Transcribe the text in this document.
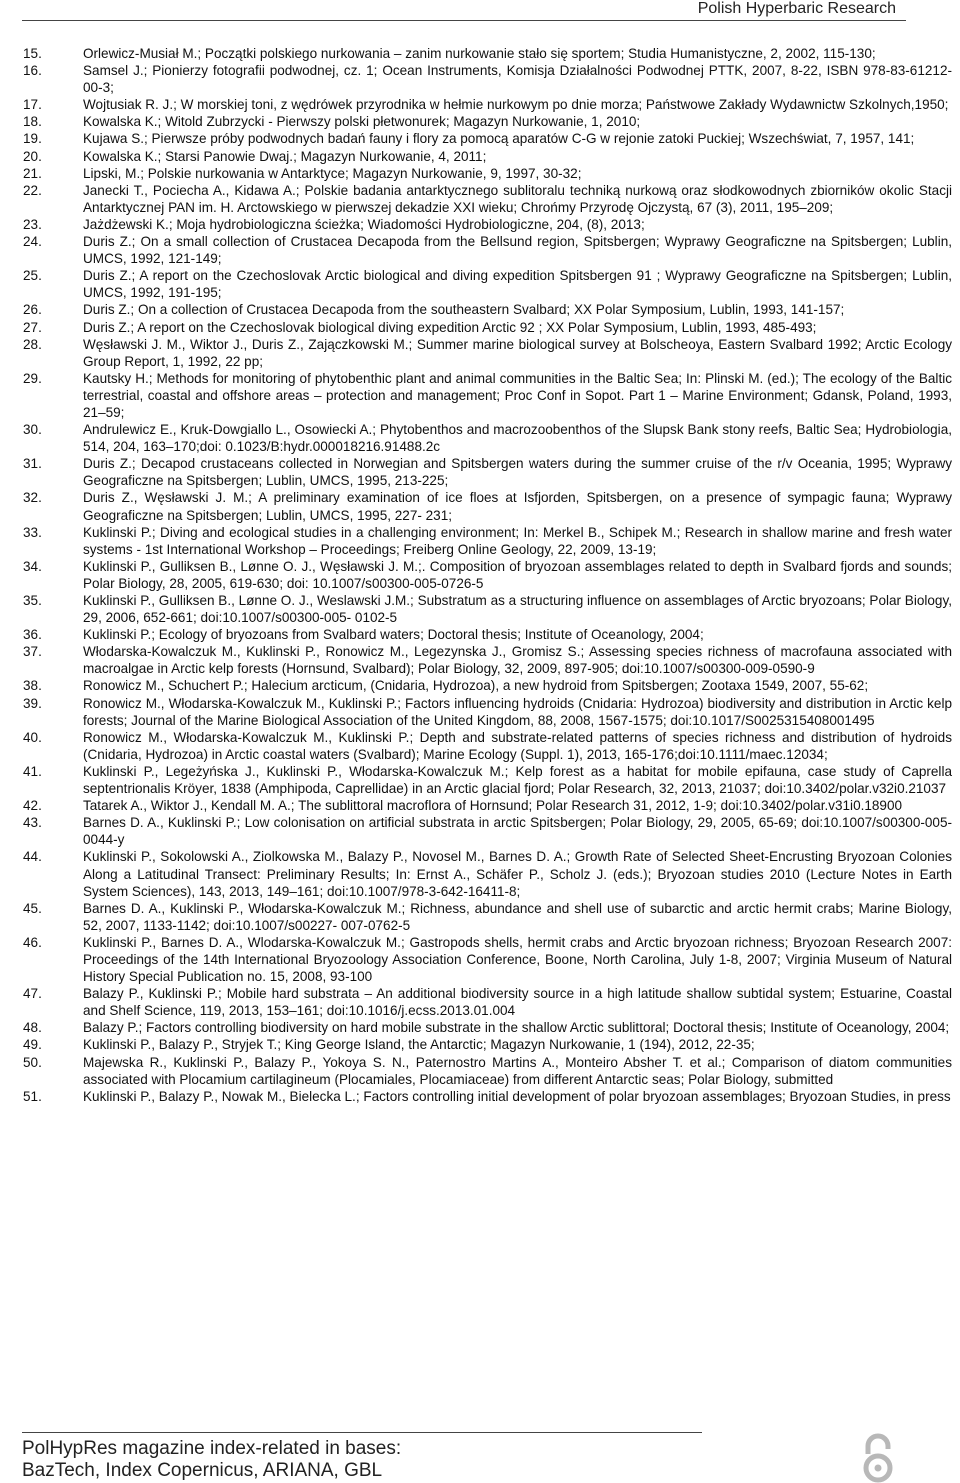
Polish Hyperbaric Research
15.	Orlewicz-Musiał M.; Początki polskiego nurkowania – zanim nurkowanie stało się sportem; Studia Humanistyczne, 2, 2002, 115-130;
16.	Samsel J.; Pionierzy fotografii podwodnej, cz. 1; Ocean Instruments, Komisja Działalności Podwodnej PTTK, 2007, 8-22, ISBN 978-83-61212-00-3;
17.	Wojtusiak R. J.; W morskiej toni, z wędrówek przyrodnika w hełmie nurkowym po dnie morza; Państwowe Zakłady Wydawnictw Szkolnych,1950;
18.	Kowalska K.; Witold Zubrzycki - Pierwszy polski płetwonurek; Magazyn Nurkowanie, 1, 2010;
19.	Kujawa S.; Pierwsze próby podwodnych badań fauny i flory za pomocą aparatów C-G w rejonie zatoki Puckiej; Wszechświat, 7, 1957, 141;
20.	Kowalska K.; Starsi Panowie Dwaj.; Magazyn Nurkowanie, 4, 2011;
21.	Lipski, M.; Polskie nurkowania w Antarktyce; Magazyn Nurkowanie, 9, 1997, 30-32;
22.	Janecki T., Pociecha A., Kidawa A.; Polskie badania antarktycznego sublitoralu techniką nurkową oraz słodkowodnych zbiorników okolic Stacji Antarktycznej PAN im. H. Arctowskiego w pierwszej dekadzie XXI wieku; Chrońmy Przyrodę Ojczystą, 67 (3), 2011, 195–209;
23.	Jażdżewski K.; Moja hydrobiologiczna ścieżka; Wiadomości Hydrobiologiczne, 204, (8), 2013;
24.	Duris Z.; On a small collection of Crustacea Decapoda from the Bellsund region, Spitsbergen; Wyprawy Geograficzne na Spitsbergen; Lublin, UMCS, 1992, 121-149;
25.	Duris Z.; A report on the Czechoslovak Arctic biological and diving expedition Spitsbergen 91 ; Wyprawy Geograficzne na Spitsbergen; Lublin, UMCS, 1992, 191-195;
26.	Duris Z.; On a collection of Crustacea Decapoda from the southeastern Svalbard; XX Polar Symposium, Lublin, 1993, 141-157;
27.	Duris Z.; A report on the Czechoslovak biological diving expedition Arctic 92 ; XX Polar Symposium, Lublin, 1993, 485-493;
28.	Węsławski J. M., Wiktor J., Duris Z., Zajączkowski M.; Summer marine biological survey at Bolscheoya, Eastern Svalbard 1992; Arctic Ecology Group Report, 1, 1992, 22 pp;
29.	Kautsky H.; Methods for monitoring of phytobenthic plant and animal communities in the Baltic Sea; In: Plinski M. (ed.); The ecology of the Baltic terrestrial, coastal and offshore areas – protection and management; Proc Conf in Sopot. Part 1 – Marine Environment; Gdansk, Poland, 1993, 21–59;
30.	Andrulewicz E., Kruk-Dowgiallo L., Osowiecki A.; Phytobenthos and macrozoobenthos of the Slupsk Bank stony reefs, Baltic Sea; Hydrobiologia, 514, 204, 163–170;doi: 0.1023/B:hydr.000018216.91488.2c
31.	Duris Z.; Decapod crustaceans collected in Norwegian and Spitsbergen waters during the summer cruise of the r/v Oceania, 1995; Wyprawy Geograficzne na Spitsbergen; Lublin, UMCS, 1995, 213-225;
32.	Duris Z., Węsławski J. M.; A preliminary examination of ice floes at Isfjorden, Spitsbergen, on a presence of sympagic fauna; Wyprawy Geograficzne na Spitsbergen; Lublin, UMCS, 1995, 227- 231;
33.	Kuklinski P.; Diving and ecological studies in a challenging environment; In: Merkel B., Schipek M.; Research in shallow marine and fresh water systems - 1st International Workshop – Proceedings; Freiberg Online Geology, 22, 2009, 13-19;
34.	Kuklinski P., Gulliksen B., Lønne O. J., Węsławski J. M.;. Composition of bryozoan assemblages related to depth in Svalbard fjords and sounds; Polar Biology, 28, 2005, 619-630; doi: 10.1007/s00300-005-0726-5
35.	Kuklinski P., Gulliksen B., Lønne O. J., Weslawski J.M.; Substratum as a structuring influence on assemblages of Arctic bryozoans; Polar Biology, 29, 2006, 652-661; doi:10.1007/s00300-005- 0102-5
36.	Kuklinski P.; Ecology of bryozoans from Svalbard waters; Doctoral thesis; Institute of Oceanology, 2004;
37.	Włodarska-Kowalczuk M., Kuklinski P., Ronowicz M., Legezynska J., Gromisz S.; Assessing species richness of macrofauna associated with macroalgae in Arctic kelp forests (Hornsund, Svalbard); Polar Biology, 32, 2009, 897-905; doi:10.1007/s00300-009-0590-9
38.	Ronowicz M., Schuchert P.; Halecium arcticum, (Cnidaria, Hydrozoa), a new hydroid from Spitsbergen; Zootaxa 1549, 2007, 55-62;
39.	Ronowicz M., Włodarska-Kowalczuk M., Kuklinski P.; Factors influencing hydroids (Cnidaria: Hydrozoa) biodiversity and distribution in Arctic kelp forests; Journal of the Marine Biological Association of the United Kingdom, 88, 2008, 1567-1575; doi:10.1017/S0025315408001495
40.	Ronowicz M., Włodarska-Kowalczuk M., Kuklinski P.; Depth and substrate-related patterns of species richness and distribution of hydroids (Cnidaria, Hydrozoa) in Arctic coastal waters (Svalbard); Marine Ecology (Suppl. 1), 2013, 165-176;doi:10.1111/maec.12034;
41.	Kuklinski P., Legeżyńska J., Kuklinski P., Włodarska-Kowalczuk M.; Kelp forest as a habitat for mobile epifauna, case study of Caprella septentrionalis Kröyer, 1838 (Amphipoda, Caprellidae) in an Arctic glacial fjord; Polar Research, 32, 2013, 21037; doi:10.3402/polar.v32i0.21037
42.	Tatarek A., Wiktor J., Kendall M. A.; The sublittoral macroflora of Hornsund; Polar Research 31, 2012, 1-9; doi:10.3402/polar.v31i0.18900
43.	Barnes D. A., Kuklinski P.; Low colonisation on artificial substrata in arctic Spitsbergen; Polar Biology, 29, 2005, 65-69; doi:10.1007/s00300-005-0044-y
44.	Kuklinski P., Sokolowski A., Ziolkowska M., Balazy P., Novosel M., Barnes D. A.; Growth Rate of Selected Sheet-Encrusting Bryozoan Colonies Along a Latitudinal Transect: Preliminary Results; In: Ernst A., Schäfer P., Scholz J. (eds.); Bryozoan studies 2010 (Lecture Notes in Earth System Sciences), 143, 2013, 149–161; doi:10.1007/978-3-642-16411-8;
45.	Barnes D. A., Kuklinski P., Włodarska-Kowalczuk M.; Richness, abundance and shell use of subarctic and arctic hermit crabs; Marine Biology, 52, 2007, 1133-1142; doi:10.1007/s00227- 007-0762-5
46.	Kuklinski P., Barnes D. A., Wlodarska-Kowalczuk M.; Gastropods shells, hermit crabs and Arctic bryozoan richness; Bryozoan Research 2007: Proceedings of the 14th International Bryozoology Association Conference, Boone, North Carolina, July 1-8, 2007; Virginia Museum of Natural History Special Publication no. 15, 2008, 93-100
47.	Balazy P., Kuklinski P.; Mobile hard substrata – An additional biodiversity source in a high latitude shallow subtidal system; Estuarine, Coastal and Shelf Science, 119, 2013, 153–161; doi:10.1016/j.ecss.2013.01.004
48.	Balazy P.; Factors controlling biodiversity on hard mobile substrate in the shallow Arctic sublittoral; Doctoral thesis; Institute of Oceanology, 2004;
49.	Kuklinski P., Balazy P., Stryjek T.; King George Island, the Antarctic; Magazyn Nurkowanie, 1 (194), 2012, 22-35;
50.	Majewska R., Kuklinski P., Balazy P., Yokoya S. N., Paternostro Martins A., Monteiro Absher T. et al.; Comparison of diatom communities associated with Plocamium cartilagineum (Plocamiales, Plocamiaceae) from different Antarctic seas; Polar Biology, submitted
51.	Kuklinski P., Balazy P., Nowak M., Bielecka L.; Factors controlling initial development of polar bryozoan assemblages; Bryozoan Studies, in press
PolHypRes magazine index-related in bases:
BazTech, Index Copernicus, ARIANA, GBL
